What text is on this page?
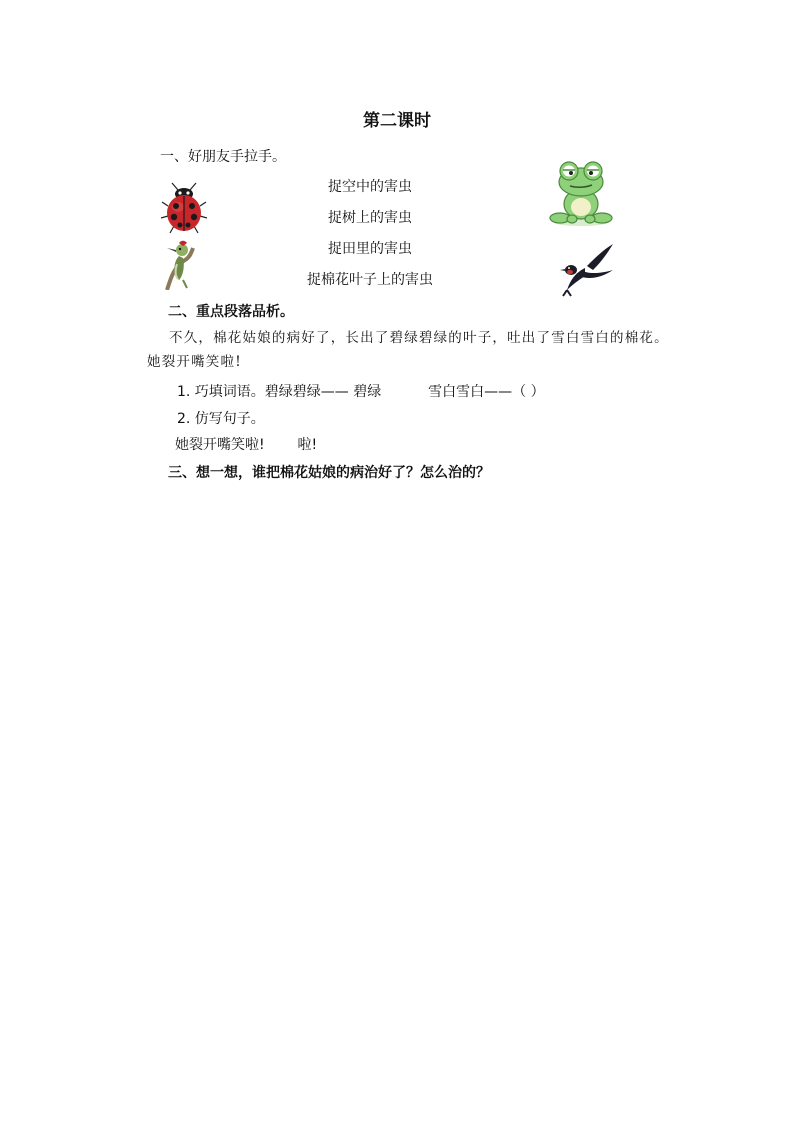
第二课时
一、好朋友手拉手。
捉空中的害虫
捉树上的害虫
捉田里的害虫
捉棉花叶子上的害虫
二、重点段落品析。
不久，棉花姑娘的病好了，长出了碧绿碧绿的叶子，吐出了雪白雪白的棉花。她裂开嘴笑啦!
1. 巧填词语。碧绿碧绿—— 碧绿	雪白雪白——（ ）
2. 仿写句子。
她裂开嘴笑啦! 啦!
三、想一想，谁把棉花姑娘的病治好了？怎么治的？
